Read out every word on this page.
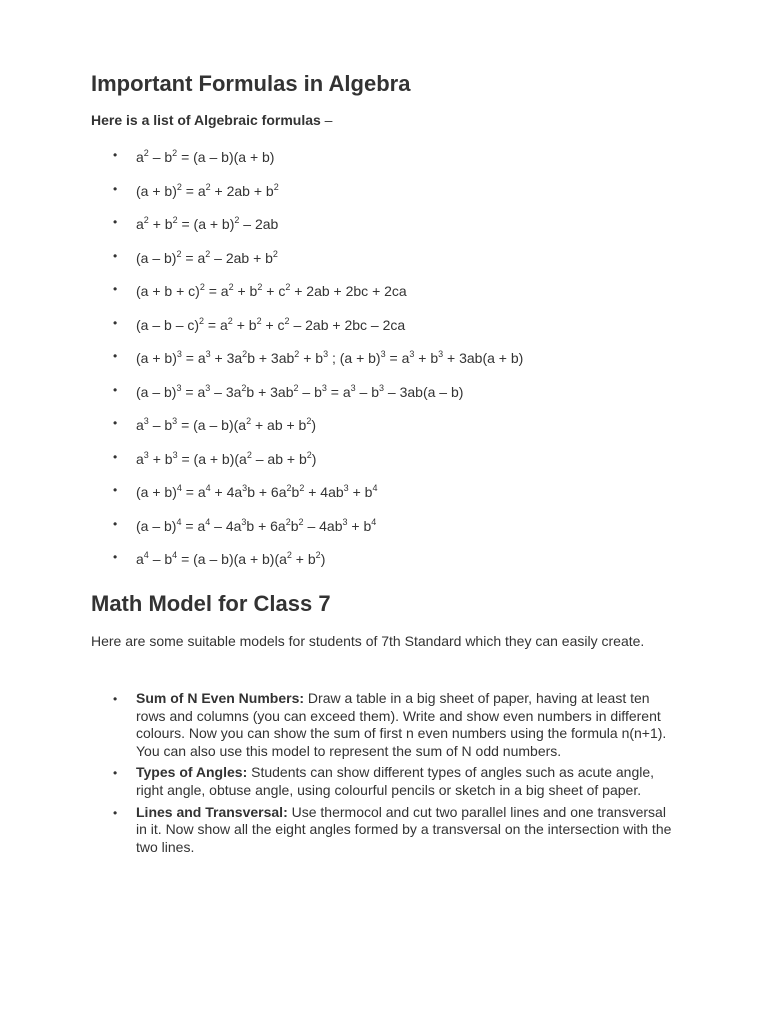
Important Formulas in Algebra

Here is a list of Algebraic formulas –

• $a^2 - b^2 = (a - b)(a + b)$
• $(a + b)^2 = a^2 + 2ab + b^2$
• $a^2 + b^2 = (a + b)^2 - 2ab$
• $(a - b)^2 = a^2 - 2ab + b^2$
• $(a + b + c)^2 = a^2 + b^2 + c^2 + 2ab + 2bc + 2ca$
• $(a - b - c)^2 = a^2 + b^2 + c^2 - 2ab + 2bc - 2ca$
• $(a + b)^3 = a^3 + 3a^2b + 3ab^2 + b^3$ ; $(a + b)^3 = a^3 + b^3 + 3ab(a + b)$
• $(a - b)^3 = a^3 - 3a^2b + 3ab^2 - b^3 = a^3 - b^3 - 3ab(a - b)$
• $a^3 - b^3 = (a - b)(a^2$ + ab + $b^2$)
• $a^3 + b^3 = (a + b)(a^2$ – ab + $b^2$)
• $(a + b)^4 = a^4 + 4a^3b + 6a^2b^2 + 4ab^3 + b^4$
• $(a - b)^4 = a^4 - 4a^3b + 6a^2b^2 - 4ab^3 + b^4$
• $a^4 - b^4 = (a - b)(a + b)(a^2 + b^2)$
Math Model for Class 7

Here are some suitable models for students of 7th Standard which they can easily create.

• Sum of N Even Numbers: Draw a table in a big sheet of paper, having at least ten rows and columns (you can exceed them). Write and show even numbers in different colours. Now you can show the sum of first n even numbers using the formula n(n+1). You can also use this model to represent the sum of N odd numbers.
• Types of Angles: Students can show different types of angles such as acute angle, right angle, obtuse angle, using colourful pencils or sketch in a big sheet of paper.
• Lines and Transversal: Use thermocol and cut two parallel lines and one transversal in it. Now show all the eight angles formed by a transversal on the intersection with the two lines.
